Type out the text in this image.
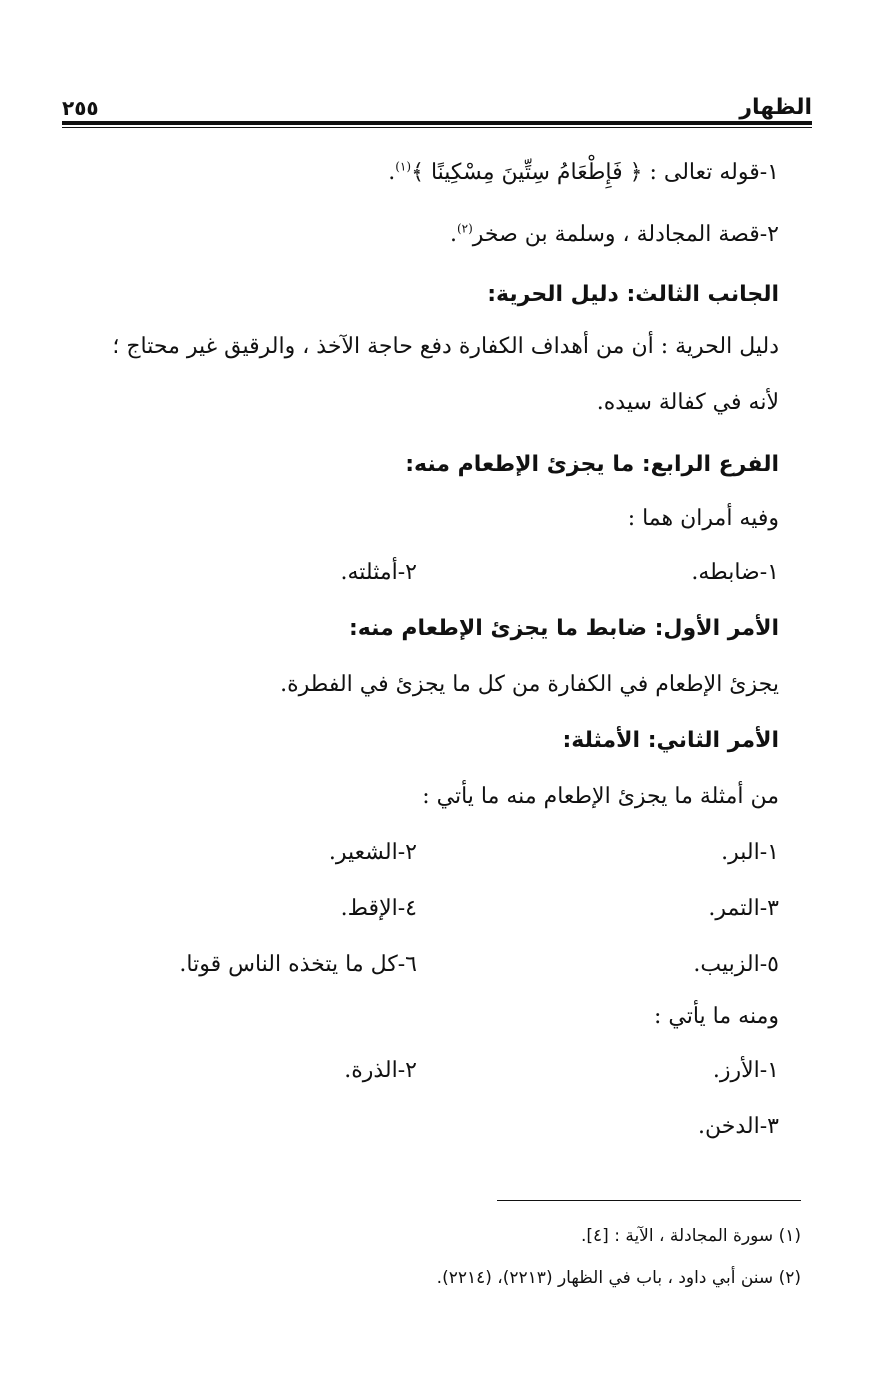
الظهار
٢٥٥
١-قوله تعالى : ﴿ فَإِطْعَامُ سِتِّينَ مِسْكِينًا ﴾$^{(١)}$.
٢-قصة المجادلة ، وسلمة بن صخر$^{(٢)}$.
الجانب الثالث: دليل الحرية:
دليل الحرية : أن من أهداف الكفارة دفع حاجة الآخذ ، والرقيق غير محتاج ؛
لأنه في كفالة سيده.
الفرع الرابع: ما يجزئ الإطعام منه:
وفيه أمران هما :
١-ضابطه.
٢-أمثلته.
الأمر الأول: ضابط ما يجزئ الإطعام منه:
يجزئ الإطعام في الكفارة من كل ما يجزئ في الفطرة.
الأمر الثاني: الأمثلة:
من أمثلة ما يجزئ الإطعام منه ما يأتي :
١-البر.
٢-الشعير.
٣-التمر.
٤-الإقط.
٥-الزبيب.
٦-كل ما يتخذه الناس قوتا.
ومنه ما يأتي :
١-الأرز.
٢-الذرة.
٣-الدخن.
(١) سورة المجادلة ، الآية : [٤].
(٢) سنن أبي داود ، باب في الظهار (٢٢١٣)، (٢٢١٤).
